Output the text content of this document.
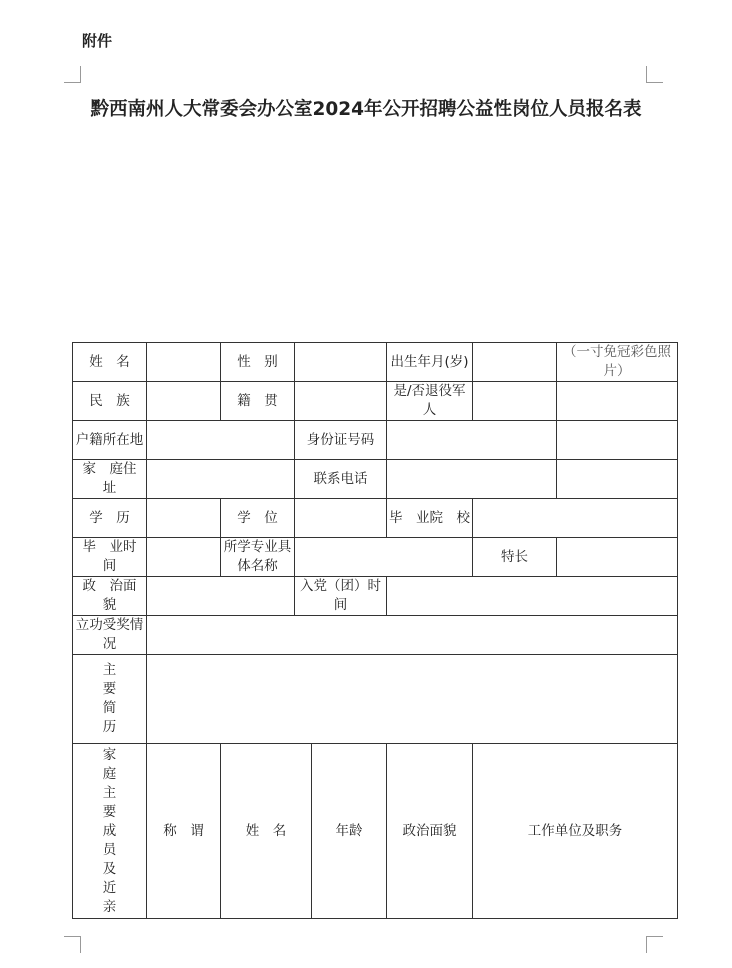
附件
黔西南州人大常委会办公室2024年公开招聘公益性岗位人员报名表
姓　名		性　别			出生年月(岁)		（一寸免冠彩色照片）
民　族		籍　贯			是/否退役军人		
户籍所在地			身份证号码				
家　庭住　址			联系电话				
学　历		学　位			毕　业院　校		
毕　业时　间		所学专业具体名称				特长	
政　治面　貌			入党（团）时间				
立功受奖情况							

主要简历							

家庭主要成员及近亲	称　谓	姓　名		年龄	政治面貌	工作单位及职务	
